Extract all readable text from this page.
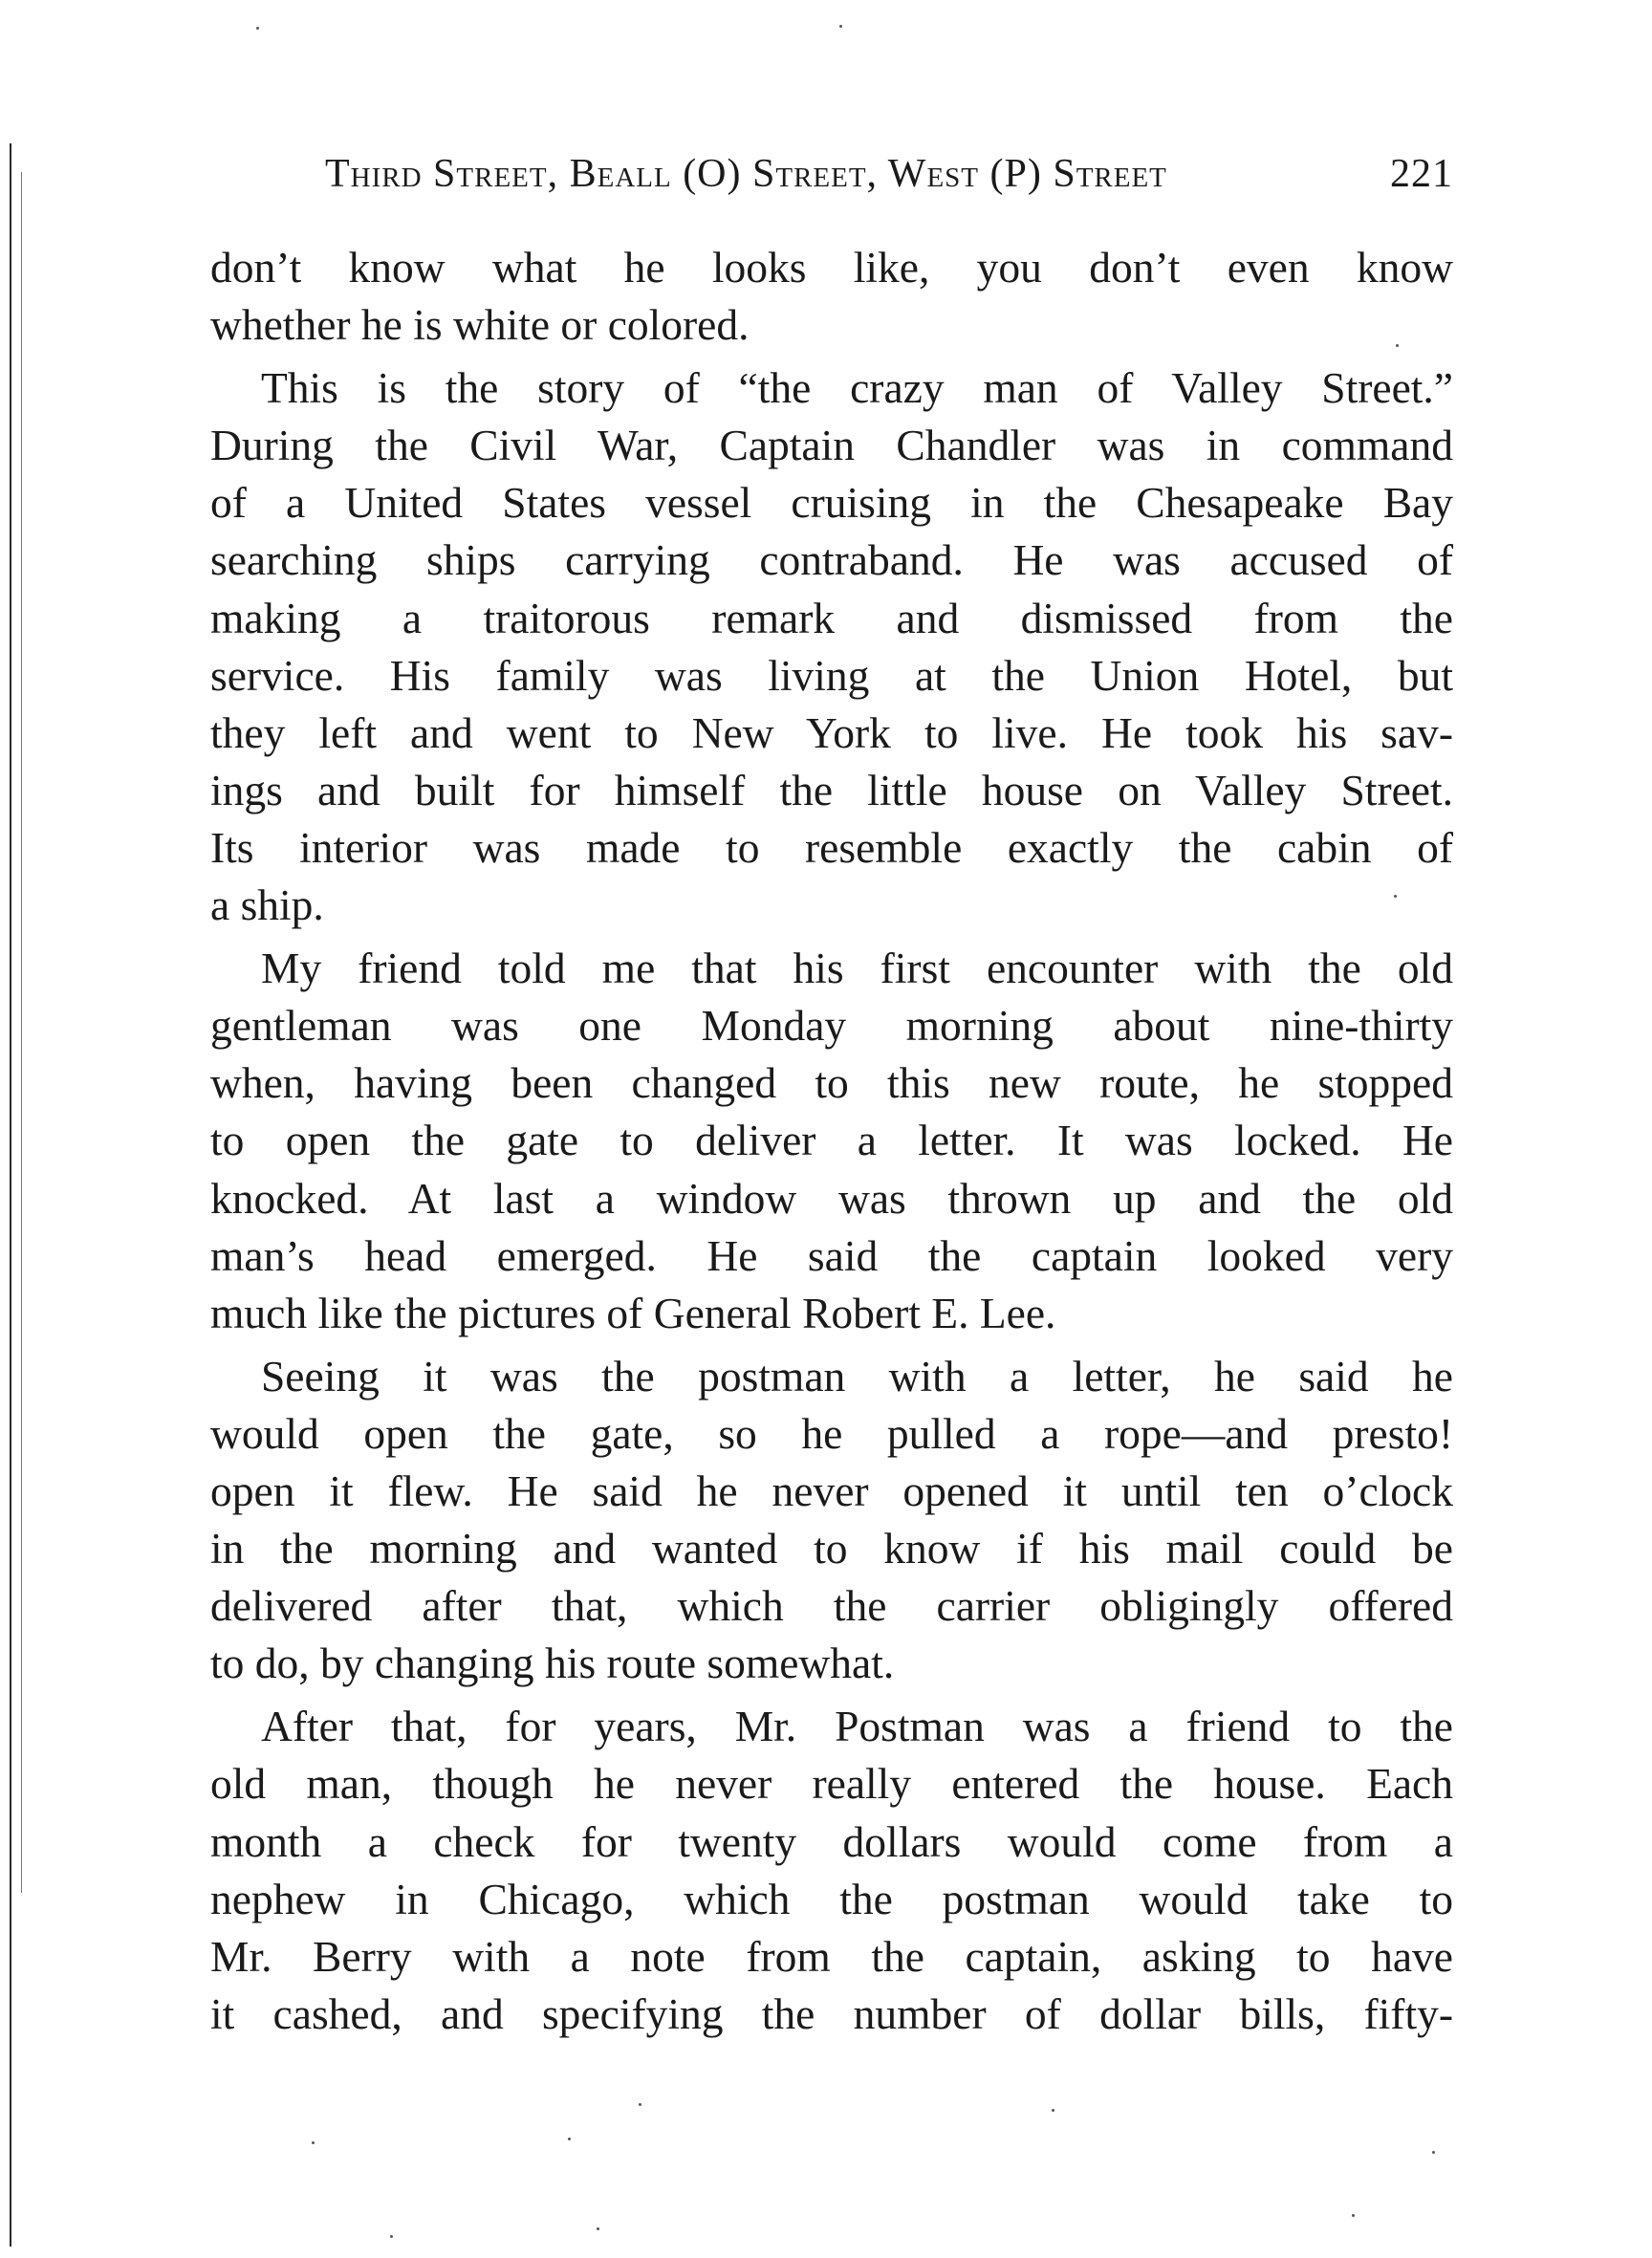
Third Street, Beall (O) Street, West (P) Street	221
don’t know what he looks like, you don’t even know
whether he is white or colored.
This is the story of “the crazy man of Valley Street.”
During the Civil War, Captain Chandler was in command
of a United States vessel cruising in the Chesapeake Bay
searching ships carrying contraband. He was accused of
making a traitorous remark and dismissed from the
service. His family was living at the Union Hotel, but
they left and went to New York to live. He took his sav-
ings and built for himself the little house on Valley Street.
Its interior was made to resemble exactly the cabin of
a ship.
My friend told me that his first encounter with the old
gentleman was one Monday morning about nine-thirty
when, having been changed to this new route, he stopped
to open the gate to deliver a letter. It was locked. He
knocked. At last a window was thrown up and the old
man’s head emerged. He said the captain looked very
much like the pictures of General Robert E. Lee.
Seeing it was the postman with a letter, he said he
would open the gate, so he pulled a rope—and presto!
open it flew. He said he never opened it until ten o’clock
in the morning and wanted to know if his mail could be
delivered after that, which the carrier obligingly offered
to do, by changing his route somewhat.
After that, for years, Mr. Postman was a friend to the
old man, though he never really entered the house. Each
month a check for twenty dollars would come from a
nephew in Chicago, which the postman would take to
Mr. Berry with a note from the captain, asking to have
it cashed, and specifying the number of dollar bills, fifty-
